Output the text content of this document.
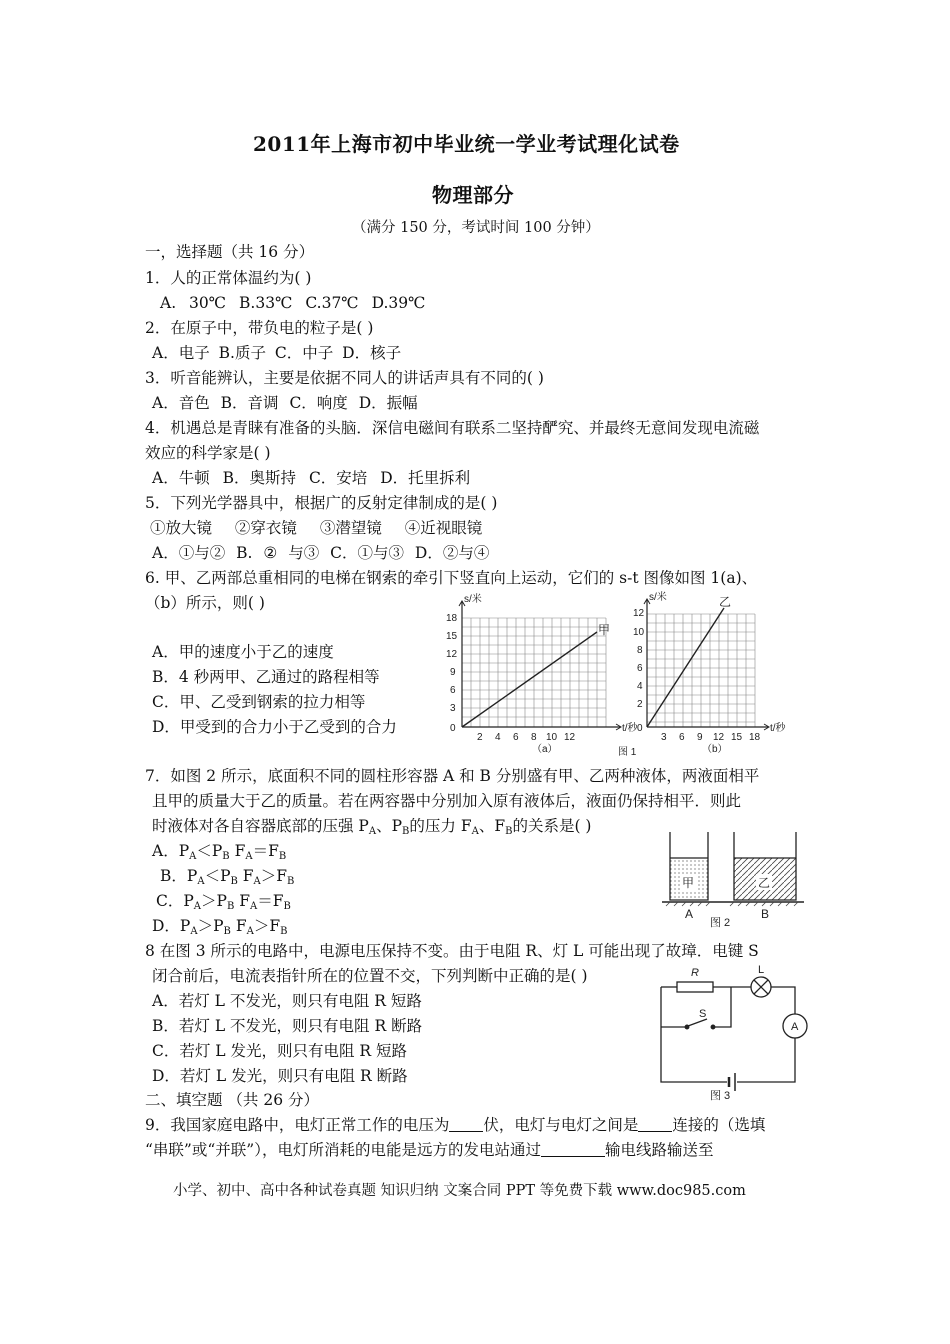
2011年上海市初中毕业统一学业考试理化试卷
物理部分
（满分 150 分，考试时间 100 分钟）
一，选择题（共 16 分）
1．人的正常体温约为( )
A. 30℃ B.33℃ C.37℃ D.39℃
2．在原子中，带负电的粒子是( )
A．电子 B.质子 C．中子 D．核子
3．听音能辨认，主要是依据不同人的讲话声具有不同的( )
A．音色 B．音调 C．响度 D．振幅
4．机遇总是青睐有准备的头脑．深信电磁间有联系二坚持酽究、并最终无意间发现电流磁
效应的科学家是( )
A．牛顿 B．奥斯持 C．安培 D．托里拆利
5．下列光学器具中，根据广的反射定律制成的是( )
①放大镜 ②穿衣镜 ③潜望镜 ④近视眼镜
A．①与② B. ② 与③ C．①与③ D．②与④
6. 甲、乙两部总重相同的电梯在钢索的牵引下竖直向上运动，它们的 s-t 图像如图 1(a)、
（b）所示，则( )
A．甲的速度小于乙的速度
B．4 秒两甲、乙通过的路程相等
C．甲、乙受到钢索的拉力相等
D．甲受到的合力小于乙受到的合力
s/米
t/秒
甲
18
15
12
9
6
3
0
2 4 6 8 10 12
（a）	图 1
s/米
t/秒
乙
12
10
8
6
4
2
0
3 6 9 12 15 18
（b）
7．如图 2 所示，底面积不同的圆柱形容器 A 和 B 分别盛有甲、乙两种液体，两液面相平
且甲的质量大于乙的质量。若在两容器中分别加入原有液体后，液面仍保持相平．则此
时液体对各自容器底部的压强 $P_A$、$P_B$的压力 $F_A$、$F_B$的关系是( )
A．$P_A<P_B$ $F_A=F_B$
B．$P_A<P_B$ $F_A>F_B$
C．$P_A>P_B$ $F_A=F_B$
D．$P_A>P_B$ $F_A>F_B$
甲	乙
A	B
图 2
8 在图 3 所示的电路中，电源电压保持不变。由于电阻 R、灯 L 可能出现了故璋．电键 S
闭合前后，电流表指针所在的位置不交，下列判断中正确的是( )
A．若灯 L 不发光，则只有电阻 R 短路
B．若灯 L 不发光，则只有电阻 R 断路
C．若灯 L 发光，则只有电阻 R 短路
D．若灯 L 发光，则只有电阻 R 断路
R	L
S
A
图 3
二、填空题 （共 26 分）
9．我国家庭电路中，电灯正常工作的电压为 伏，电灯与电灯之间是 连接的（选填
“串联”或“并联”），电灯所消耗的电能是远方的发电站通过	输电线路输送至
小学、初中、高中各种试卷真题 知识归纳 文案合同 PPT 等免费下载 www.doc985.com
